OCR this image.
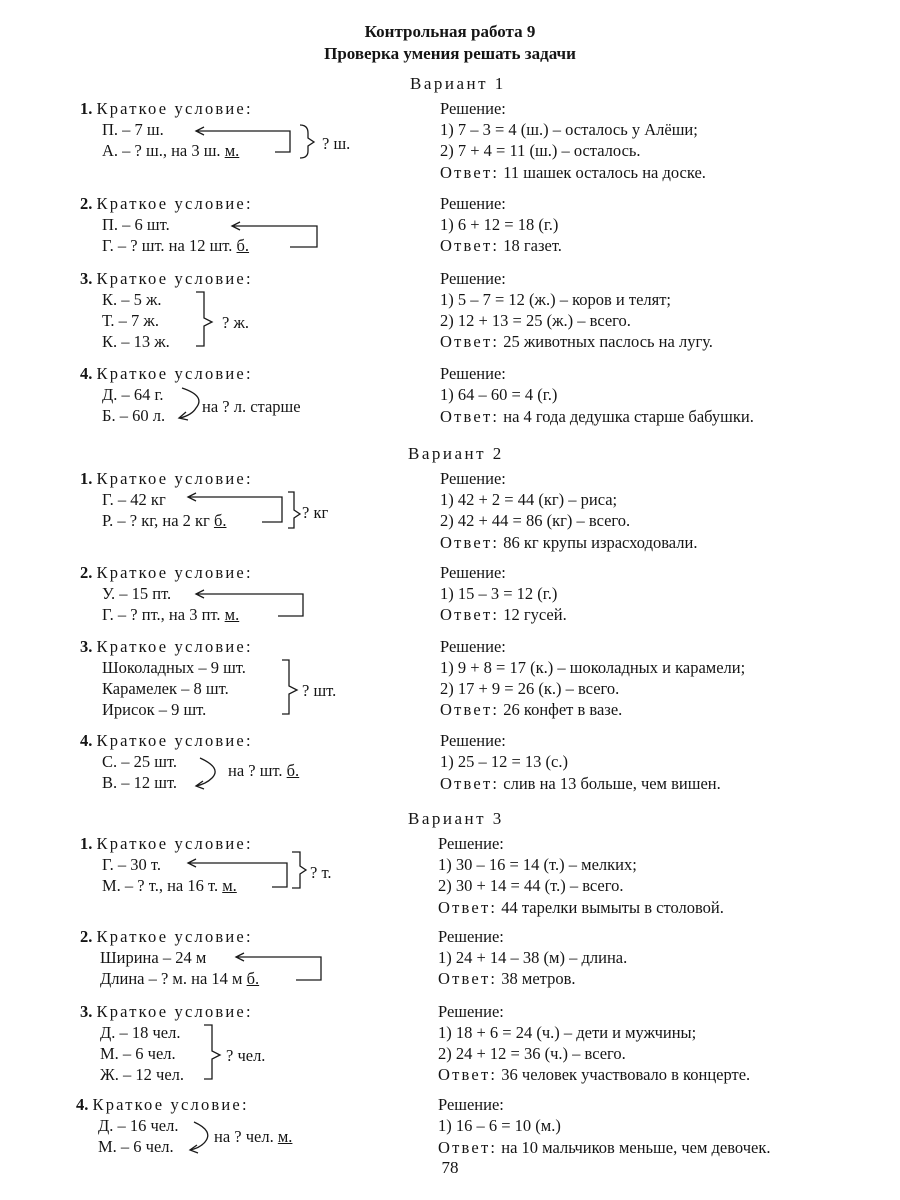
Контрольная работа 9
Проверка умения решать задачи
Вариант 1
1. Краткое условие:
П. – 7 ш.
А. – ? ш., на 3 ш. м.	? ш.
Решение:
1) 7 – 3 = 4 (ш.) – осталось у Алёши;
2) 7 + 4 = 11 (ш.) – осталось.
Ответ: 11 шашек осталось на доске.
2. Краткое условие:
П. – 6 шт.
Г. – ? шт. на 12 шт. б.
Решение:
1) 6 + 12 = 18 (г.)
Ответ: 18 газет.
3. Краткое условие:
К. – 5 ж.
Т. – 7 ж.
К. – 13 ж.
? ж.
Решение:
1) 5 – 7 = 12 (ж.) – коров и телят;
2) 12 + 13 = 25 (ж.) – всего.
Ответ: 25 животных паслось на лугу.
4. Краткое условие:
Д. – 64 г.
Б. – 60 л. на ? л. старше
Решение:
1) 64 – 60 = 4 (г.)
Ответ: на 4 года дедушка старше бабушки.
Вариант 2
1. Краткое условие:
Г. – 42 кг
Р. – ? кг, на 2 кг б.	? кг
Решение:
1) 42 + 2 = 44 (кг) – риса;
2) 42 + 44 = 86 (кг) – всего.
Ответ: 86 кг крупы израсходовали.
2. Краткое условие:
У. – 15 пт.
Г. – ? пт., на 3 пт. м.
Решение:
1) 15 – 3 = 12 (г.)
Ответ: 12 гусей.
3. Краткое условие:
Шоколадных – 9 шт.
Карамелек – 8 шт.
Ирисок – 9 шт.
? шт.
Решение:
1) 9 + 8 = 17 (к.) – шоколадных и карамели;
2) 17 + 9 = 26 (к.) – всего.
Ответ: 26 конфет в вазе.
4. Краткое условие:
С. – 25 шт.
В. – 12 шт.
на ? шт. б.
Решение:
1) 25 – 12 = 13 (с.)
Ответ: слив на 13 больше, чем вишен.
Вариант 3
1. Краткое условие:
Г. – 30 т.
М. – ? т., на 16 т. м.
? т.
Решение:
1) 30 – 16 = 14 (т.) – мелких;
2) 30 + 14 = 44 (т.) – всего.
Ответ: 44 тарелки вымыты в столовой.
2. Краткое условие:
Ширина – 24 м
Длина – ? м. на 14 м б.
Решение:
1) 24 + 14 – 38 (м) – длина.
Ответ: 38 метров.
3. Краткое условие:
Д. – 18 чел.
М. – 6 чел.
Ж. – 12 чел.
? чел.
Решение:
1) 18 + 6 = 24 (ч.) – дети и мужчины;
2) 24 + 12 = 36 (ч.) – всего.
Ответ: 36 человек участвовало в концерте.
4. Краткое условие:
Д. – 16 чел.
М. – 6 чел.
на ? чел. м.
Решение:
1) 16 – 6 = 10 (м.)
Ответ: на 10 мальчиков меньше, чем девочек.
78
